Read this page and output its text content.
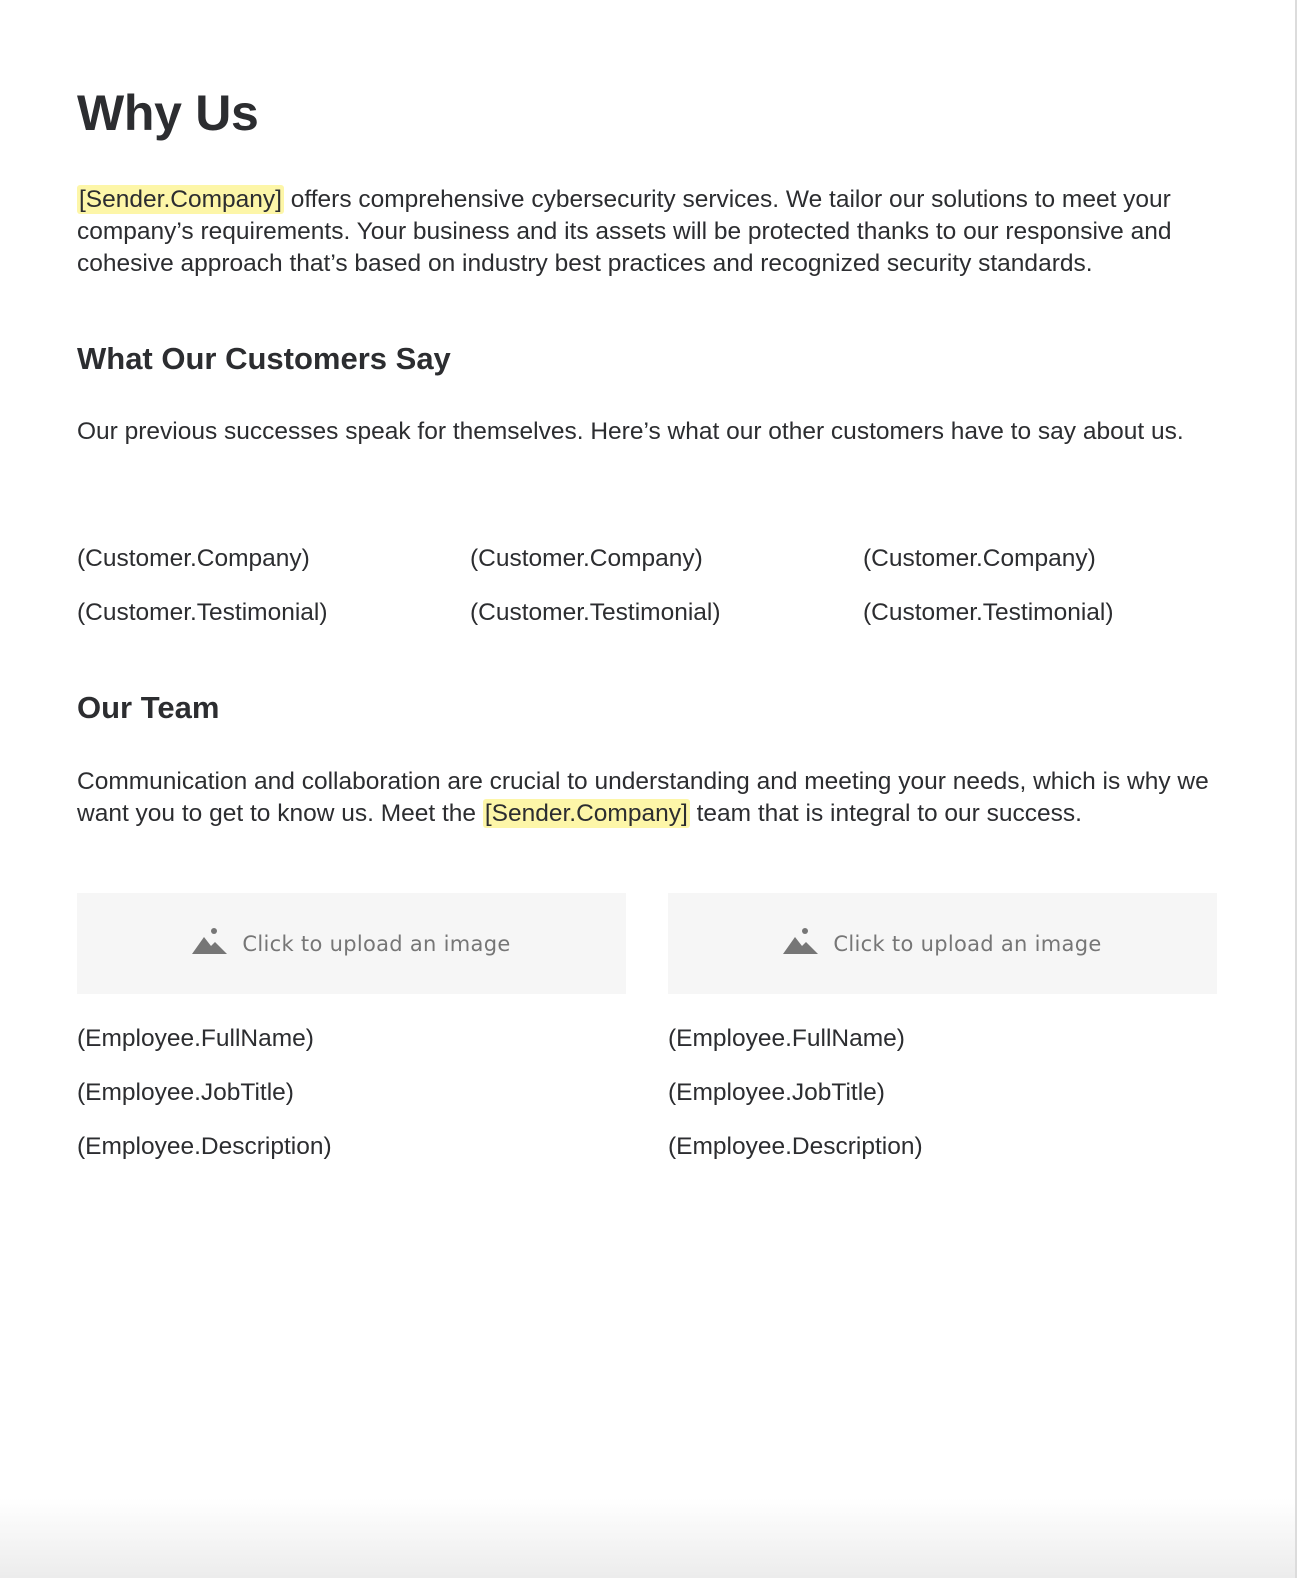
Why Us

[Sender.Company] offers comprehensive cybersecurity services. We tailor our solutions to meet your company’s requirements. Your business and its assets will be protected thanks to our responsive and cohesive approach that’s based on industry best practices and recognized security standards.

What Our Customers Say

Our previous successes speak for themselves. Here’s what our other customers have to say about us.

(Customer.Company)
(Customer.Testimonial)
(Customer.Company)
(Customer.Testimonial)
(Customer.Company)
(Customer.Testimonial)
Our Team

Communication and collaboration are crucial to understanding and meeting your needs, which is why we want you to get to know us. Meet the [Sender.Company] team that is integral to our success.

Click to upload an image
(Employee.FullName)
(Employee.JobTitle)
(Employee.Description)
Click to upload an image
(Employee.FullName)
(Employee.JobTitle)
(Employee.Description)
